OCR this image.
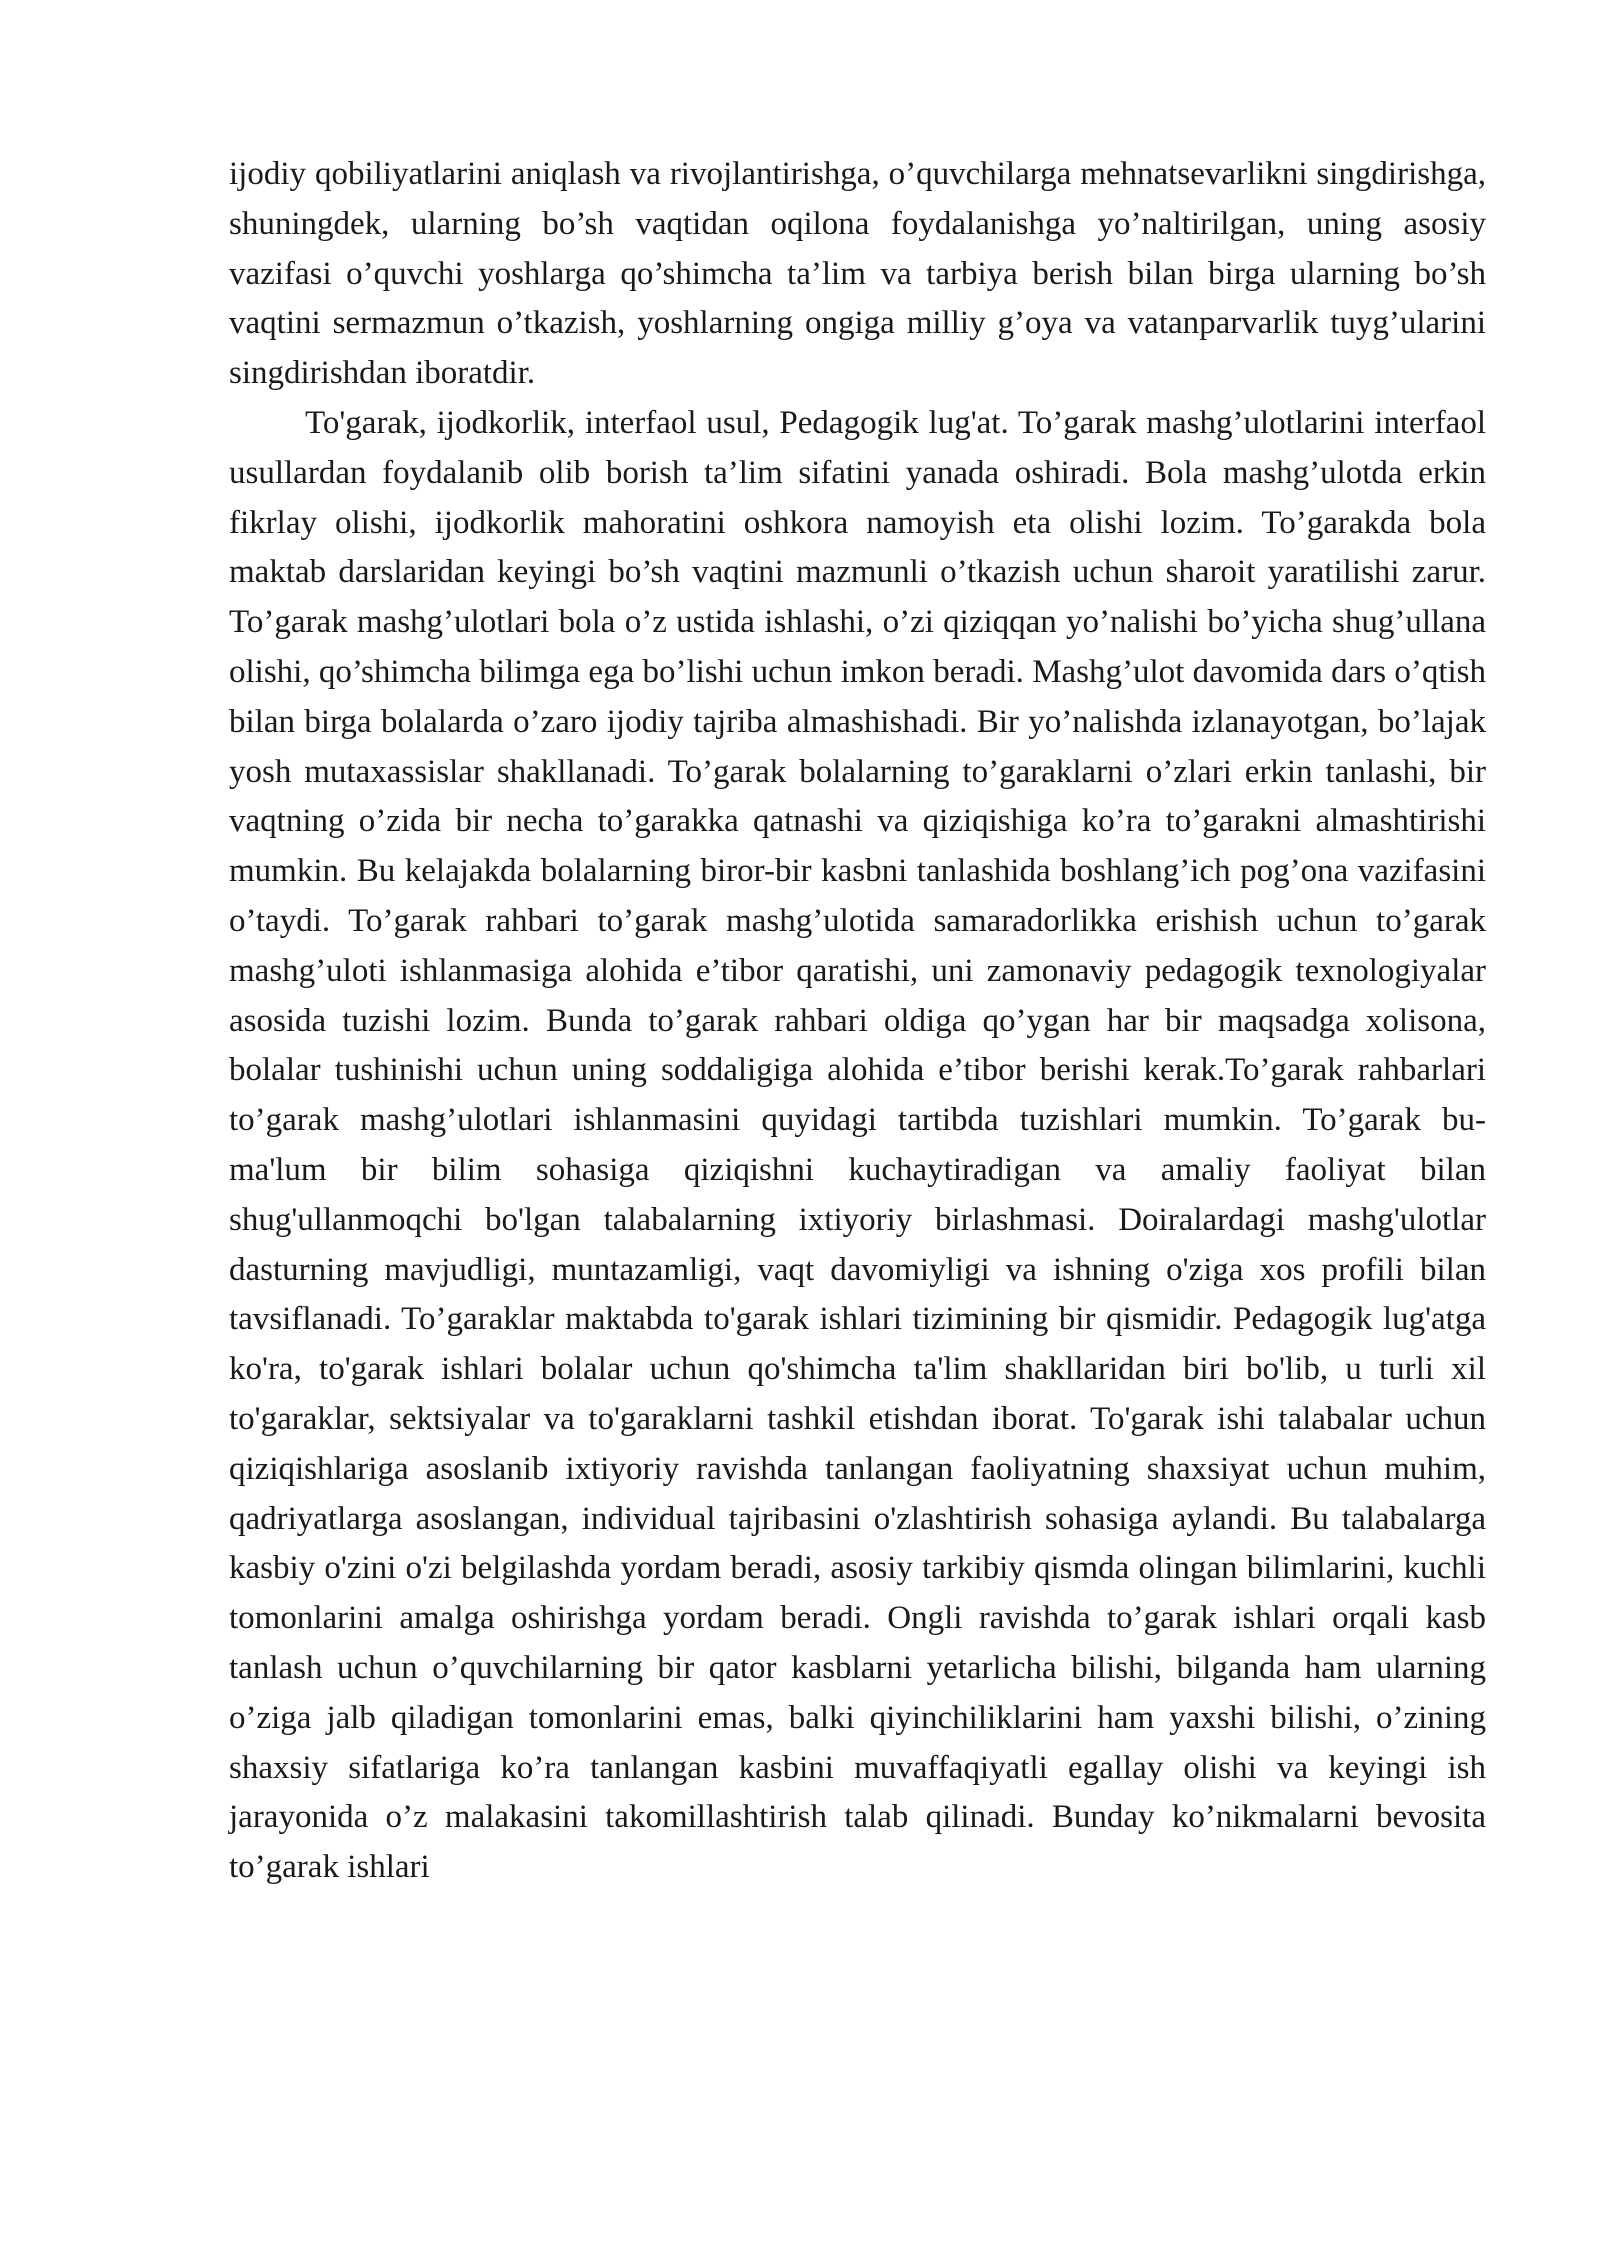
ijodiy qobiliyatlarini aniqlash va rivojlantirishga, o’quvchilarga mehnatsevarlikni singdirishga, shuningdek, ularning bo’sh vaqtidan oqilona foydalanishga yo’naltirilgan, uning asosiy vazifasi o’quvchi yoshlarga qo’shimcha ta’lim va tarbiya berish bilan birga ularning bo’sh vaqtini sermazmun o’tkazish, yoshlarning ongiga milliy g’oya va vatanparvarlik tuyg’ularini singdirishdan iboratdir.

To'garak, ijodkorlik, interfaol usul, Pedagogik lug'at. To’garak mashg’ulotlarini interfaol usullardan foydalanib olib borish ta’lim sifatini yanada oshiradi. Bola mashg’ulotda erkin fikrlay olishi, ijodkorlik mahoratini oshkora namoyish eta olishi lozim. To’garakda bola maktab darslaridan keyingi bo’sh vaqtini mazmunli o’tkazish uchun sharoit yaratilishi zarur. To’garak mashg’ulotlari bola o’z ustida ishlashi, o’zi qiziqqan yo’nalishi bo’yicha shug’ullana olishi, qo’shimcha bilimga ega bo’lishi uchun imkon beradi. Mashg’ulot davomida dars o’qtish bilan birga bolalarda o’zaro ijodiy tajriba almashishadi. Bir yo’nalishda izlanayotgan, bo’lajak yosh mutaxassislar shakllanadi. To’garak bolalarning to’garaklarni o’zlari erkin tanlashi, bir vaqtning o’zida bir necha to’garakka qatnashi va qiziqishiga ko’ra to’garakni almashtirishi mumkin. Bu kelajakda bolalarning biror-bir kasbni tanlashida boshlang’ich pog’ona vazifasini o’taydi. To’garak rahbari to’garak mashg’ulotida samaradorlikka erishish uchun to’garak mashg’uloti ishlanmasiga alohida e’tibor qaratishi, uni zamonaviy pedagogik texnologiyalar asosida tuzishi lozim. Bunda to’garak rahbari oldiga qo’ygan har bir maqsadga xolisona, bolalar tushinishi uchun uning soddaligiga alohida e’tibor berishi kerak.To’garak rahbarlari to’garak mashg’ulotlari ishlanmasini quyidagi tartibda tuzishlari mumkin. To’garak bu- ma'lum bir bilim sohasiga qiziqishni kuchaytiradigan va amaliy faoliyat bilan shug'ullanmoqchi bo'lgan talabalarning ixtiyoriy birlashmasi. Doiralardagi mashg'ulotlar dasturning mavjudligi, muntazamligi, vaqt davomiyligi va ishning o'ziga xos profili bilan tavsiflanadi. To’garaklar maktabda to'garak ishlari tizimining bir qismidir. Pedagogik lug'atga ko'ra, to'garak ishlari bolalar uchun qo'shimcha ta'lim shakllaridan biri bo'lib, u turli xil to'garaklar, sektsiyalar va to'garaklarni tashkil etishdan iborat. To'garak ishi talabalar uchun qiziqishlariga asoslanib ixtiyoriy ravishda tanlangan faoliyatning shaxsiyat uchun muhim, qadriyatlarga asoslangan, individual tajribasini o'zlashtirish sohasiga aylandi. Bu talabalarga kasbiy o'zini o'zi belgilashda yordam beradi, asosiy tarkibiy qismda olingan bilimlarini, kuchli tomonlarini amalga oshirishga yordam beradi. Ongli ravishda to’garak ishlari orqali kasb tanlash uchun o’quvchilarning bir qator kasblarni yetarlicha bilishi, bilganda ham ularning o’ziga jalb qiladigan tomonlarini emas, balki qiyinchiliklarini ham yaxshi bilishi, o’zining shaxsiy sifatlariga ko’ra tanlangan kasbini muvaffaqiyatli egallay olishi va keyingi ish jarayonida o’z malakasini takomillashtirish talab qilinadi. Bunday ko’nikmalarni bevosita to’garak ishlari
